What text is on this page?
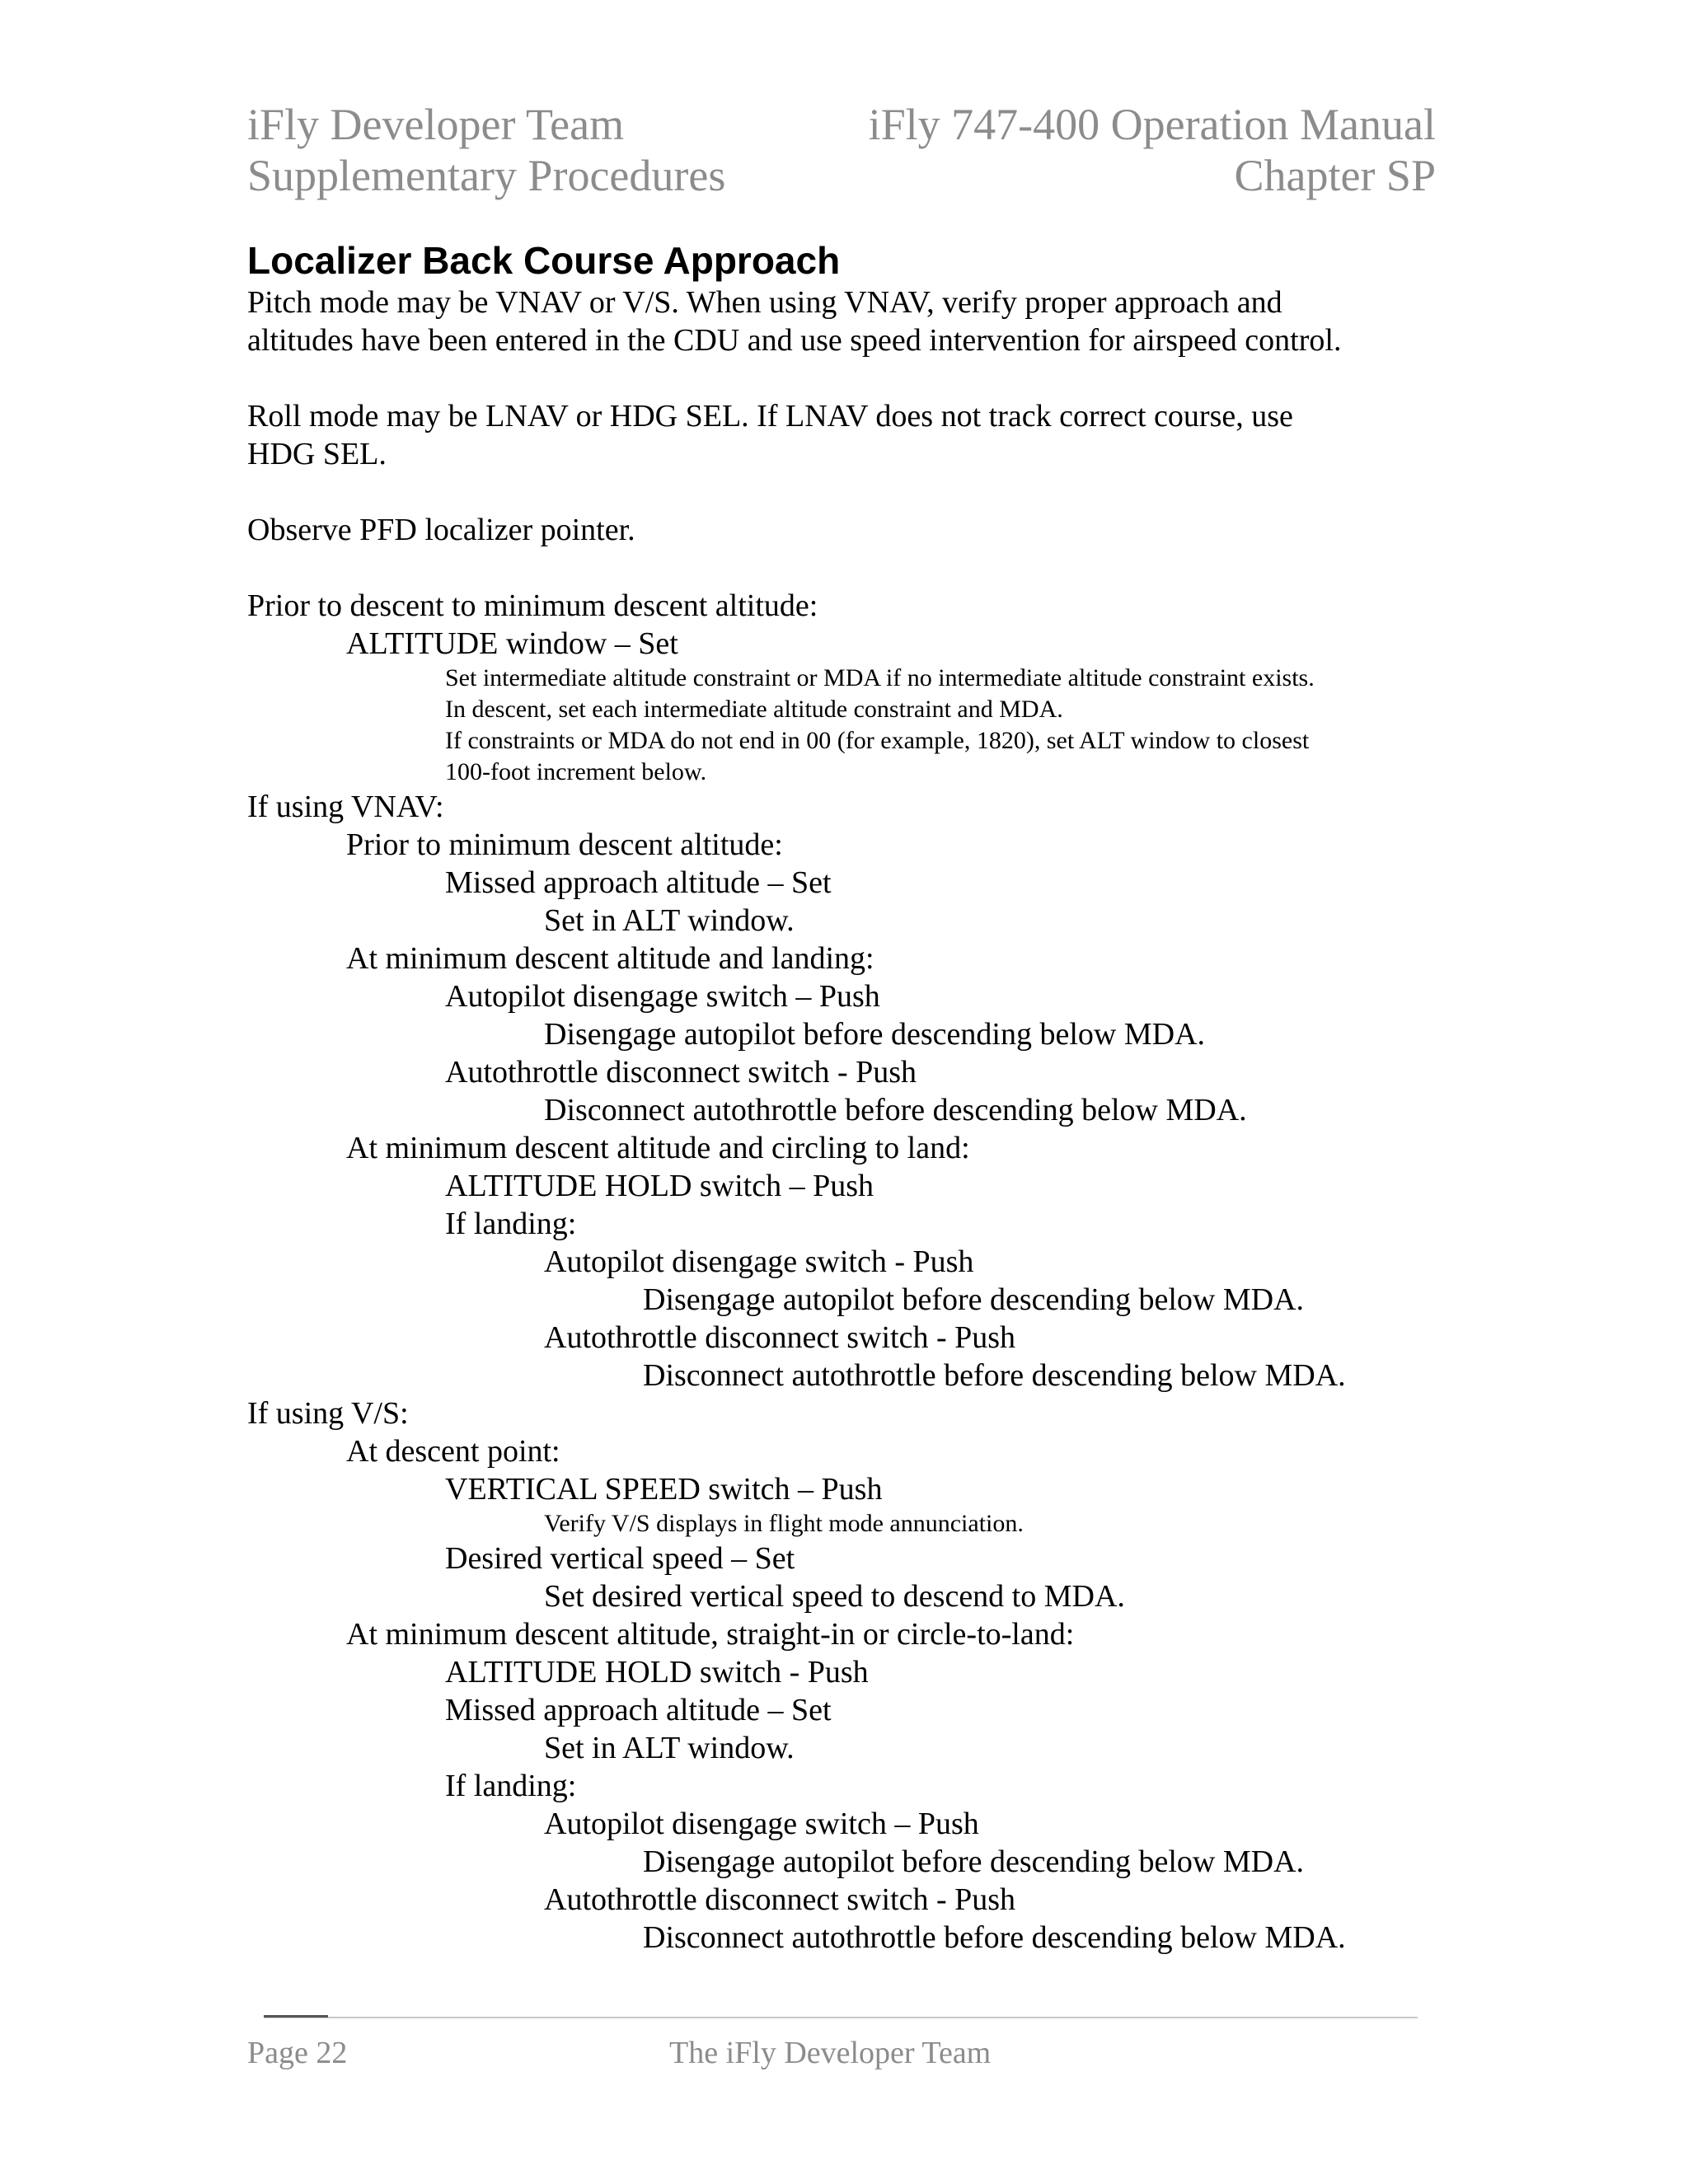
iFly Developer Team	iFly 747-400 Operation Manual
Supplementary Procedures	Chapter SP
Localizer Back Course Approach
Pitch mode may be VNAV or V/S. When using VNAV, verify proper approach and
altitudes have been entered in the CDU and use speed intervention for airspeed control.
Roll mode may be LNAV or HDG SEL. If LNAV does not track correct course, use
HDG SEL.
Observe PFD localizer pointer.
Prior to descent to minimum descent altitude:
ALTITUDE window – Set
Set intermediate altitude constraint or MDA if no intermediate altitude constraint exists.
In descent, set each intermediate altitude constraint and MDA.
If constraints or MDA do not end in 00 (for example, 1820), set ALT window to closest
100-foot increment below.
If using VNAV:
Prior to minimum descent altitude:
Missed approach altitude – Set
Set in ALT window.
At minimum descent altitude and landing:
Autopilot disengage switch – Push
Disengage autopilot before descending below MDA.
Autothrottle disconnect switch - Push
Disconnect autothrottle before descending below MDA.
At minimum descent altitude and circling to land:
ALTITUDE HOLD switch – Push
If landing:
Autopilot disengage switch - Push
Disengage autopilot before descending below MDA.
Autothrottle disconnect switch - Push
Disconnect autothrottle before descending below MDA.
If using V/S:
At descent point:
VERTICAL SPEED switch – Push
Verify V/S displays in flight mode annunciation.
Desired vertical speed – Set
Set desired vertical speed to descend to MDA.
At minimum descent altitude, straight-in or circle-to-land:
ALTITUDE HOLD switch - Push
Missed approach altitude – Set
Set in ALT window.
If landing:
Autopilot disengage switch – Push
Disengage autopilot before descending below MDA.
Autothrottle disconnect switch - Push
Disconnect autothrottle before descending below MDA.
Page 22	The iFly Developer Team
